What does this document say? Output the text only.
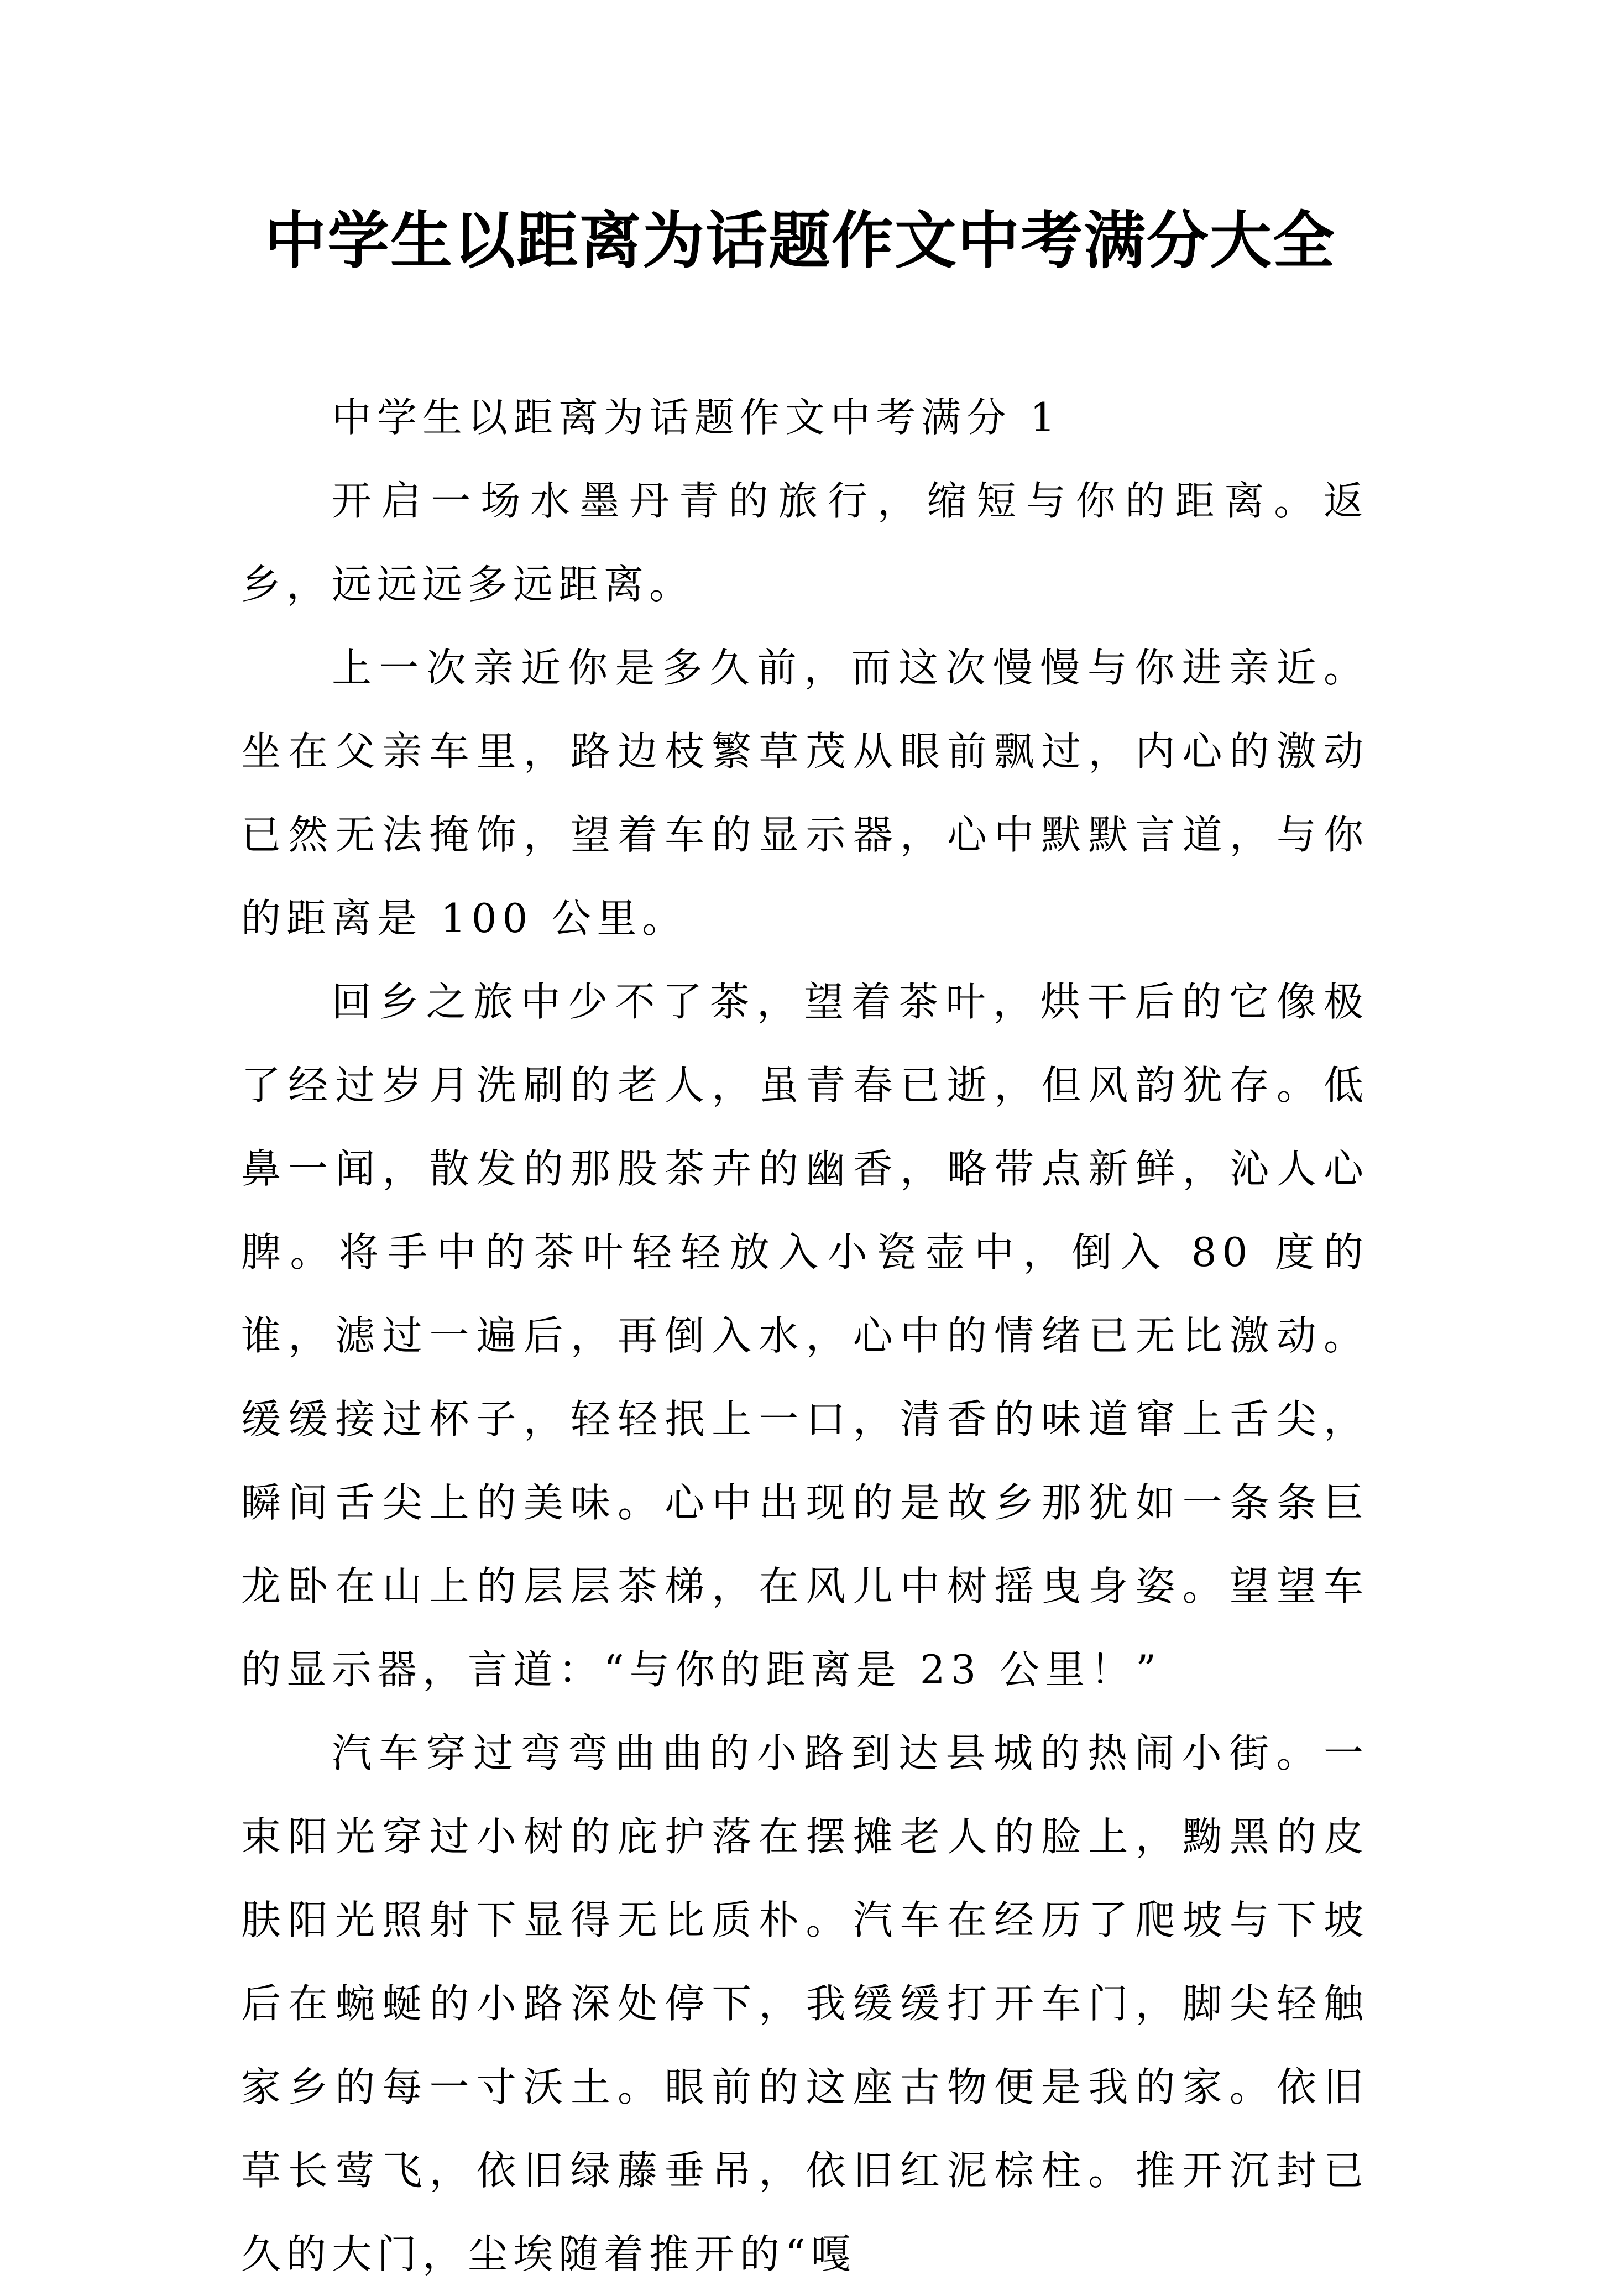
中学生以距离为话题作文中考满分大全

中学生以距离为话题作文中考满分 1

开启一场水墨丹青的旅行，缩短与你的距离。返乡，远远远多远距离。

上一次亲近你是多久前，而这次慢慢与你进亲近。坐在父亲车里，路边枝繁草茂从眼前飘过，内心的激动已然无法掩饰，望着车的显示器，心中默默言道，与你的距离是 100 公里。

回乡之旅中少不了茶，望着茶叶，烘干后的它像极了经过岁月洗刷的老人，虽青春已逝，但风韵犹存。低鼻一闻，散发的那股茶卉的幽香，略带点新鲜，沁人心脾。将手中的茶叶轻轻放入小瓷壶中，倒入 80 度的谁，滤过一遍后，再倒入水，心中的情绪已无比激动。缓缓接过杯子，轻轻抿上一口，清香的味道窜上舌尖，瞬间舌尖上的美味。心中出现的是故乡那犹如一条条巨龙卧在山上的层层茶梯，在风儿中树摇曳身姿。望望车的显示器，言道：“与你的距离是 23 公里！”

汽车穿过弯弯曲曲的小路到达县城的热闹小街。一束阳光穿过小树的庇护落在摆摊老人的脸上，黝黑的皮肤阳光照射下显得无比质朴。汽车在经历了爬坡与下坡后在蜿蜒的小路深处停下，我缓缓打开车门，脚尖轻触家乡的每一寸沃土。眼前的这座古物便是我的家。依旧草长莺飞，依旧绿藤垂吊，依旧红泥棕柱。推开沉封已久的大门，尘埃随着推开的“嘎
